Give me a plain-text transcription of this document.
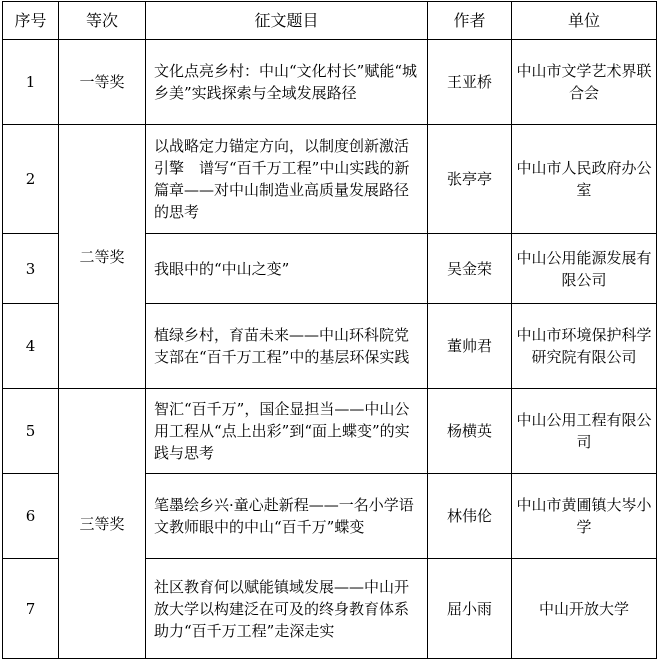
序号	等次	征文题目	作者	单位
1	一等奖	文化点亮乡村：中山“文化村长”赋能“城乡美”实践探索与全域发展路径	王亚桥	中山市文学艺术界联合会
2	二等奖	以战略定力锚定方向，以制度创新激活引擎　谱写“百千万工程”中山实践的新篇章——对中山制造业高质量发展路径的思考	张亭亭	中山市人民政府办公室
3		我眼中的“中山之变”	吴金荣	中山公用能源发展有限公司
4		植绿乡村，育苗未来——中山环科院党支部在“百千万工程”中的基层环保实践	董帅君	中山市环境保护科学研究院有限公司
5	三等奖	智汇“百千万”，国企显担当——中山公用工程从“点上出彩”到“面上蝶变”的实践与思考	杨横英	中山公用工程有限公司
6		笔墨绘乡兴·童心赴新程——一名小学语文教师眼中的中山“百千万”蝶变	林伟伦	中山市黄圃镇大岑小学
7		社区教育何以赋能镇域发展——中山开放大学以构建泛在可及的终身教育体系助力“百千万工程”走深走实	屈小雨	中山开放大学
